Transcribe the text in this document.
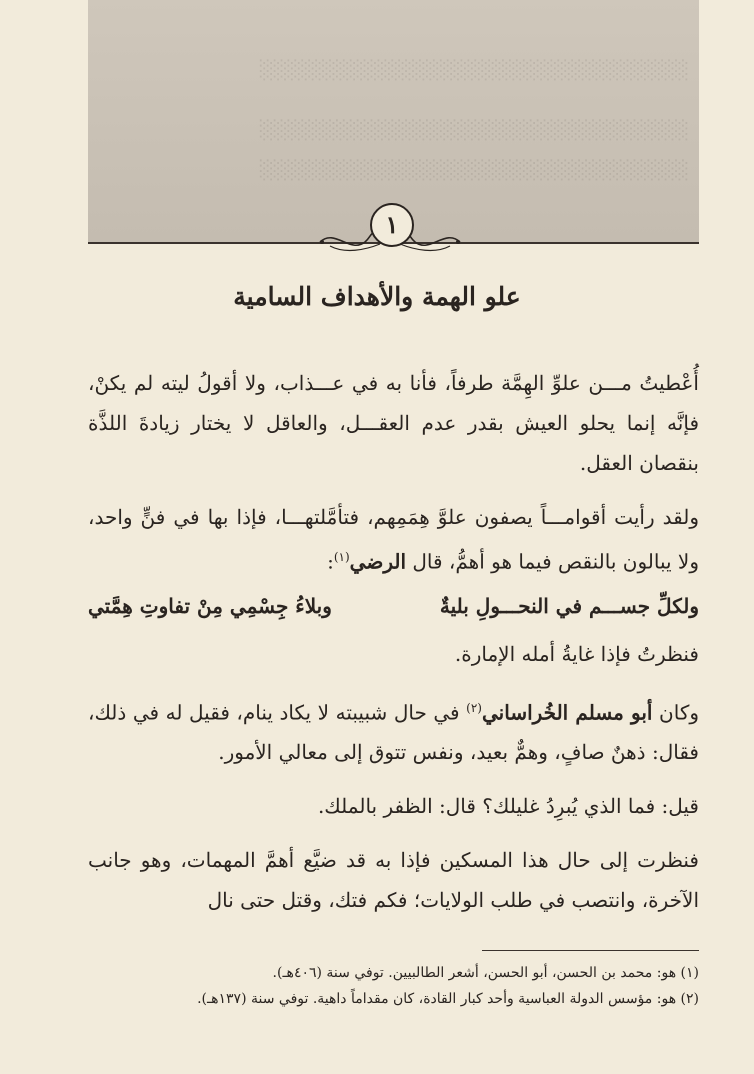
░░░░░░░░░░░░░░░░░░░░░░░░░░░░░░░
░░░░░░░░░░░░░░░░░░░░░░░░░░░░░░░
░░░░░░░░░░░░░░░░░░░░░░░░░░░░░░░
١
علو الهمة والأهداف السامية

أُعْطيتُ مـــن علوِّ الهِمَّة طرفاً، فأنا به في عـــذاب، ولا أقولُ ليته لم يكنْ، فإنَّه إنما يحلو العيش بقدر عدم العقـــل، والعاقل لا يختار زيادةَ اللذَّة بنقصان العقل.

ولقد رأيت أقوامـــاً يصفون علوَّ هِمَمِهم، فتأمَّلتهـــا، فإذا بها في فنٍّ واحد، ولا يبالون بالنقص فيما هو أهمُّ، قال الرضي$^{(١)}$:

ولكلِّ جســـم في النحـــولِ بليةٌ
وبلاءُ جِسْمِي مِنْ تفاوتِ هِمَّتي

فنظرتُ فإذا غايةُ أمله الإمارة.

وكان أبو مسلم الخُراساني$^{(٢)}$ في حال شبيبته لا يكاد ينام، فقيل له في ذلك، فقال: ذهنٌ صافٍ، وهمٌّ بعيد، ونفس تتوق إلى معالي الأمور.

قيل: فما الذي يُبرِدُ غليلك؟ قال: الظفر بالملك.

فنظرت إلى حال هذا المسكين فإذا به قد ضيَّع أهمَّ المهمات، وهو جانب الآخرة، وانتصب في طلب الولايات؛ فكم فتك، وقتل حتى نال

(١) هو: محمد بن الحسن، أبو الحسن، أشعر الطالبيين. توفي سنة (٤٠٦هـ).
(٢) هو: مؤسس الدولة العباسية وأحد كبار القادة، كان مقداماً داهية. توفي سنة (١٣٧هـ).
